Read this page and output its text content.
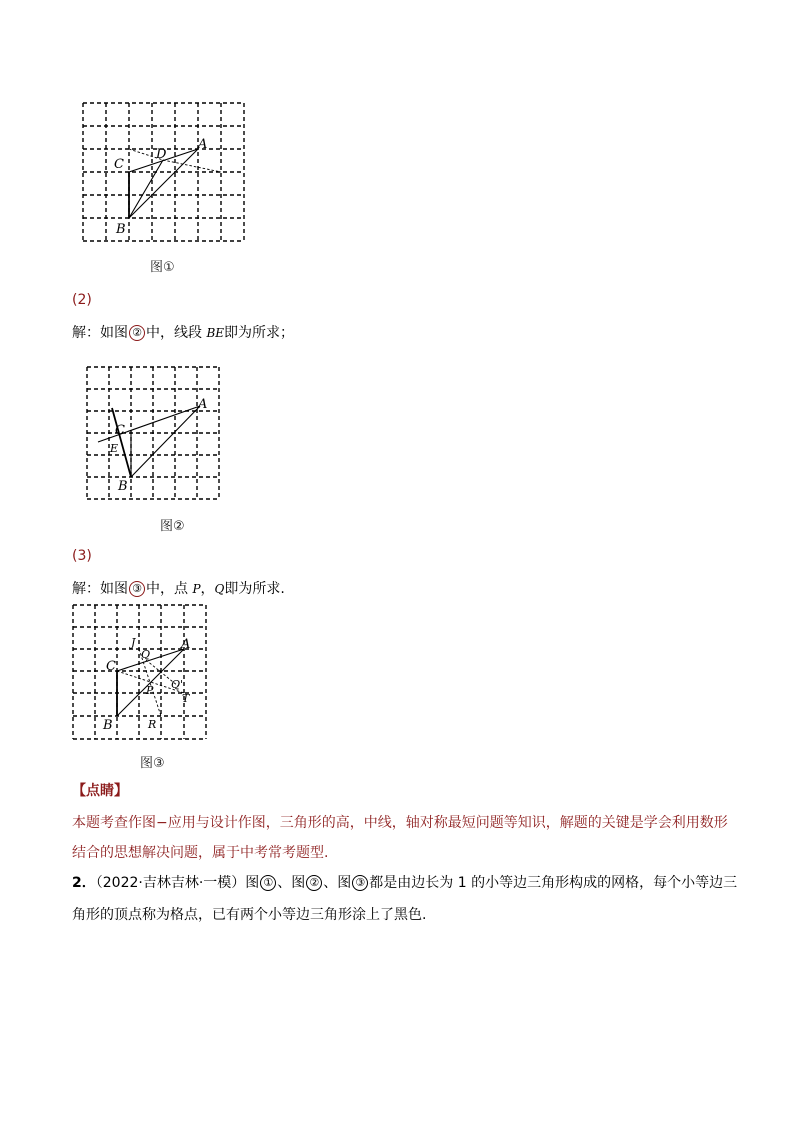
A
B
C
D
图①
(2)
解：如图 ② 中，线段 BE即为所求；
A
B
C
E
图②
(3)
解：如图 ③ 中，点 P，Q即为所求.
A
B
C
J
Q
P Q'
T
R
图③
【点睛】
本题考查作图−应用与设计作图，三角形的高，中线，轴对称最短问题等知识，解题的关键是学会利用数形
结合的思想解决问题，属于中考常考题型.
2．（2022·吉林吉林·一模）图 ① 、图 ② 、图 ③ 都是由边长为 1 的小等边三角形构成的网格，每个小等边三
角形的顶点称为格点，已有两个小等边三角形涂上了黑色.
